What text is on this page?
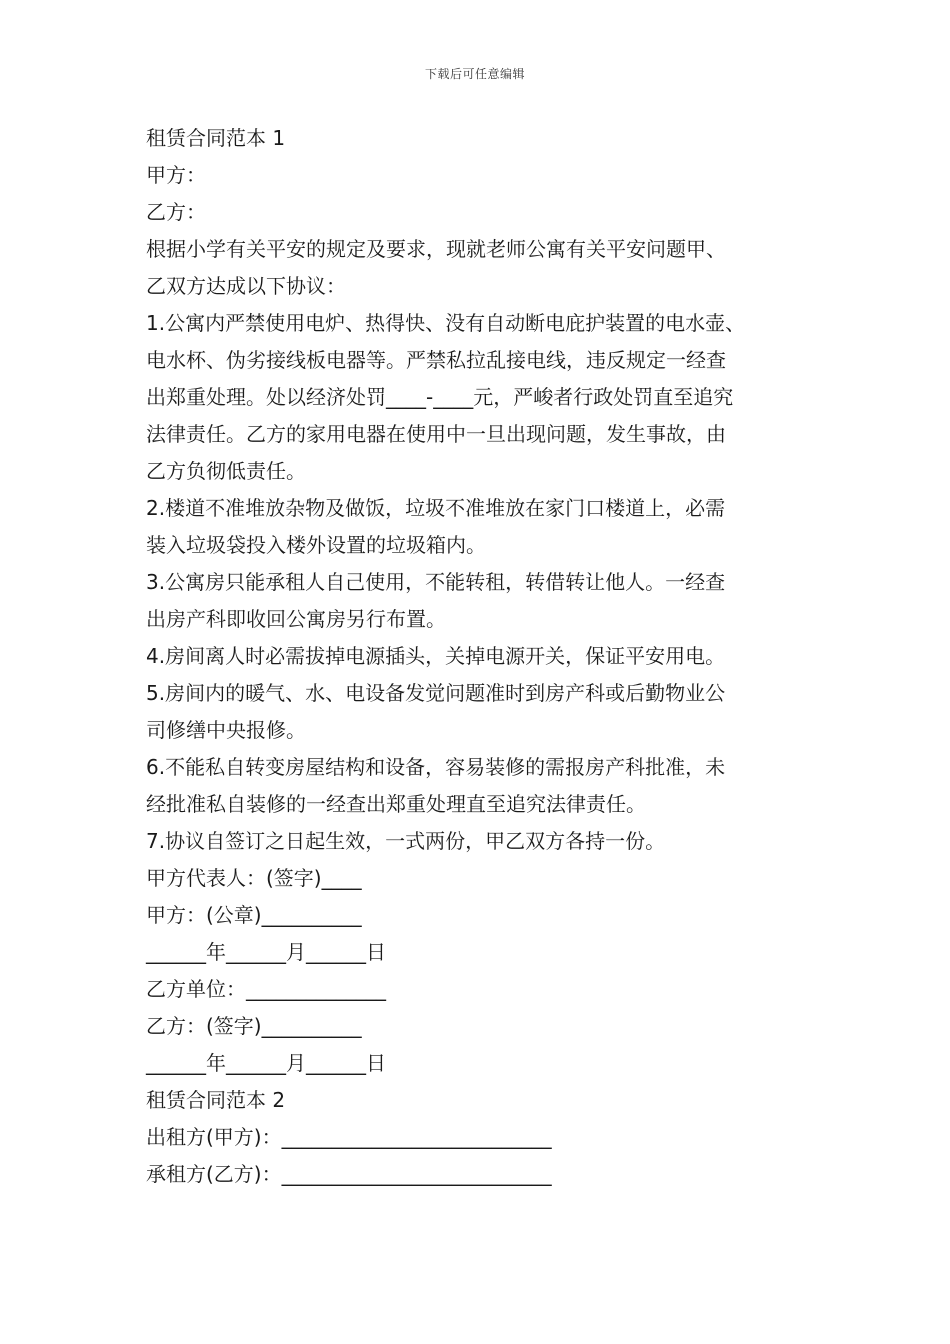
下载后可任意编辑
租赁合同范本 1
甲方：
乙方：
根据小学有关平安的规定及要求，现就老师公寓有关平安问题甲、
乙双方达成以下协议：
1.公寓内严禁使用电炉、热得快、没有自动断电庇护装置的电水壶、
电水杯、伪劣接线板电器等。严禁私拉乱接电线，违反规定一经查
出郑重处理。处以经济处罚____-____元，严峻者行政处罚直至追究
法律责任。乙方的家用电器在使用中一旦出现问题，发生事故，由
乙方负彻低责任。
2.楼道不准堆放杂物及做饭，垃圾不准堆放在家门口楼道上，必需
装入垃圾袋投入楼外设置的垃圾箱内。
3.公寓房只能承租人自己使用，不能转租，转借转让他人。一经查
出房产科即收回公寓房另行布置。
4.房间离人时必需拔掉电源插头，关掉电源开关，保证平安用电。
5.房间内的暖气、水、电设备发觉问题准时到房产科或后勤物业公
司修缮中央报修。
6.不能私自转变房屋结构和设备，容易装修的需报房产科批准，未
经批准私自装修的一经查出郑重处理直至追究法律责任。
7.协议自签订之日起生效，一式两份，甲乙双方各持一份。
甲方代表人：(签字)____
甲方：(公章)__________
______年______月______日
乙方单位：______________
乙方：(签字)__________
______年______月______日
租赁合同范本 2
出租方(甲方)：___________________________
承租方(乙方)：___________________________
